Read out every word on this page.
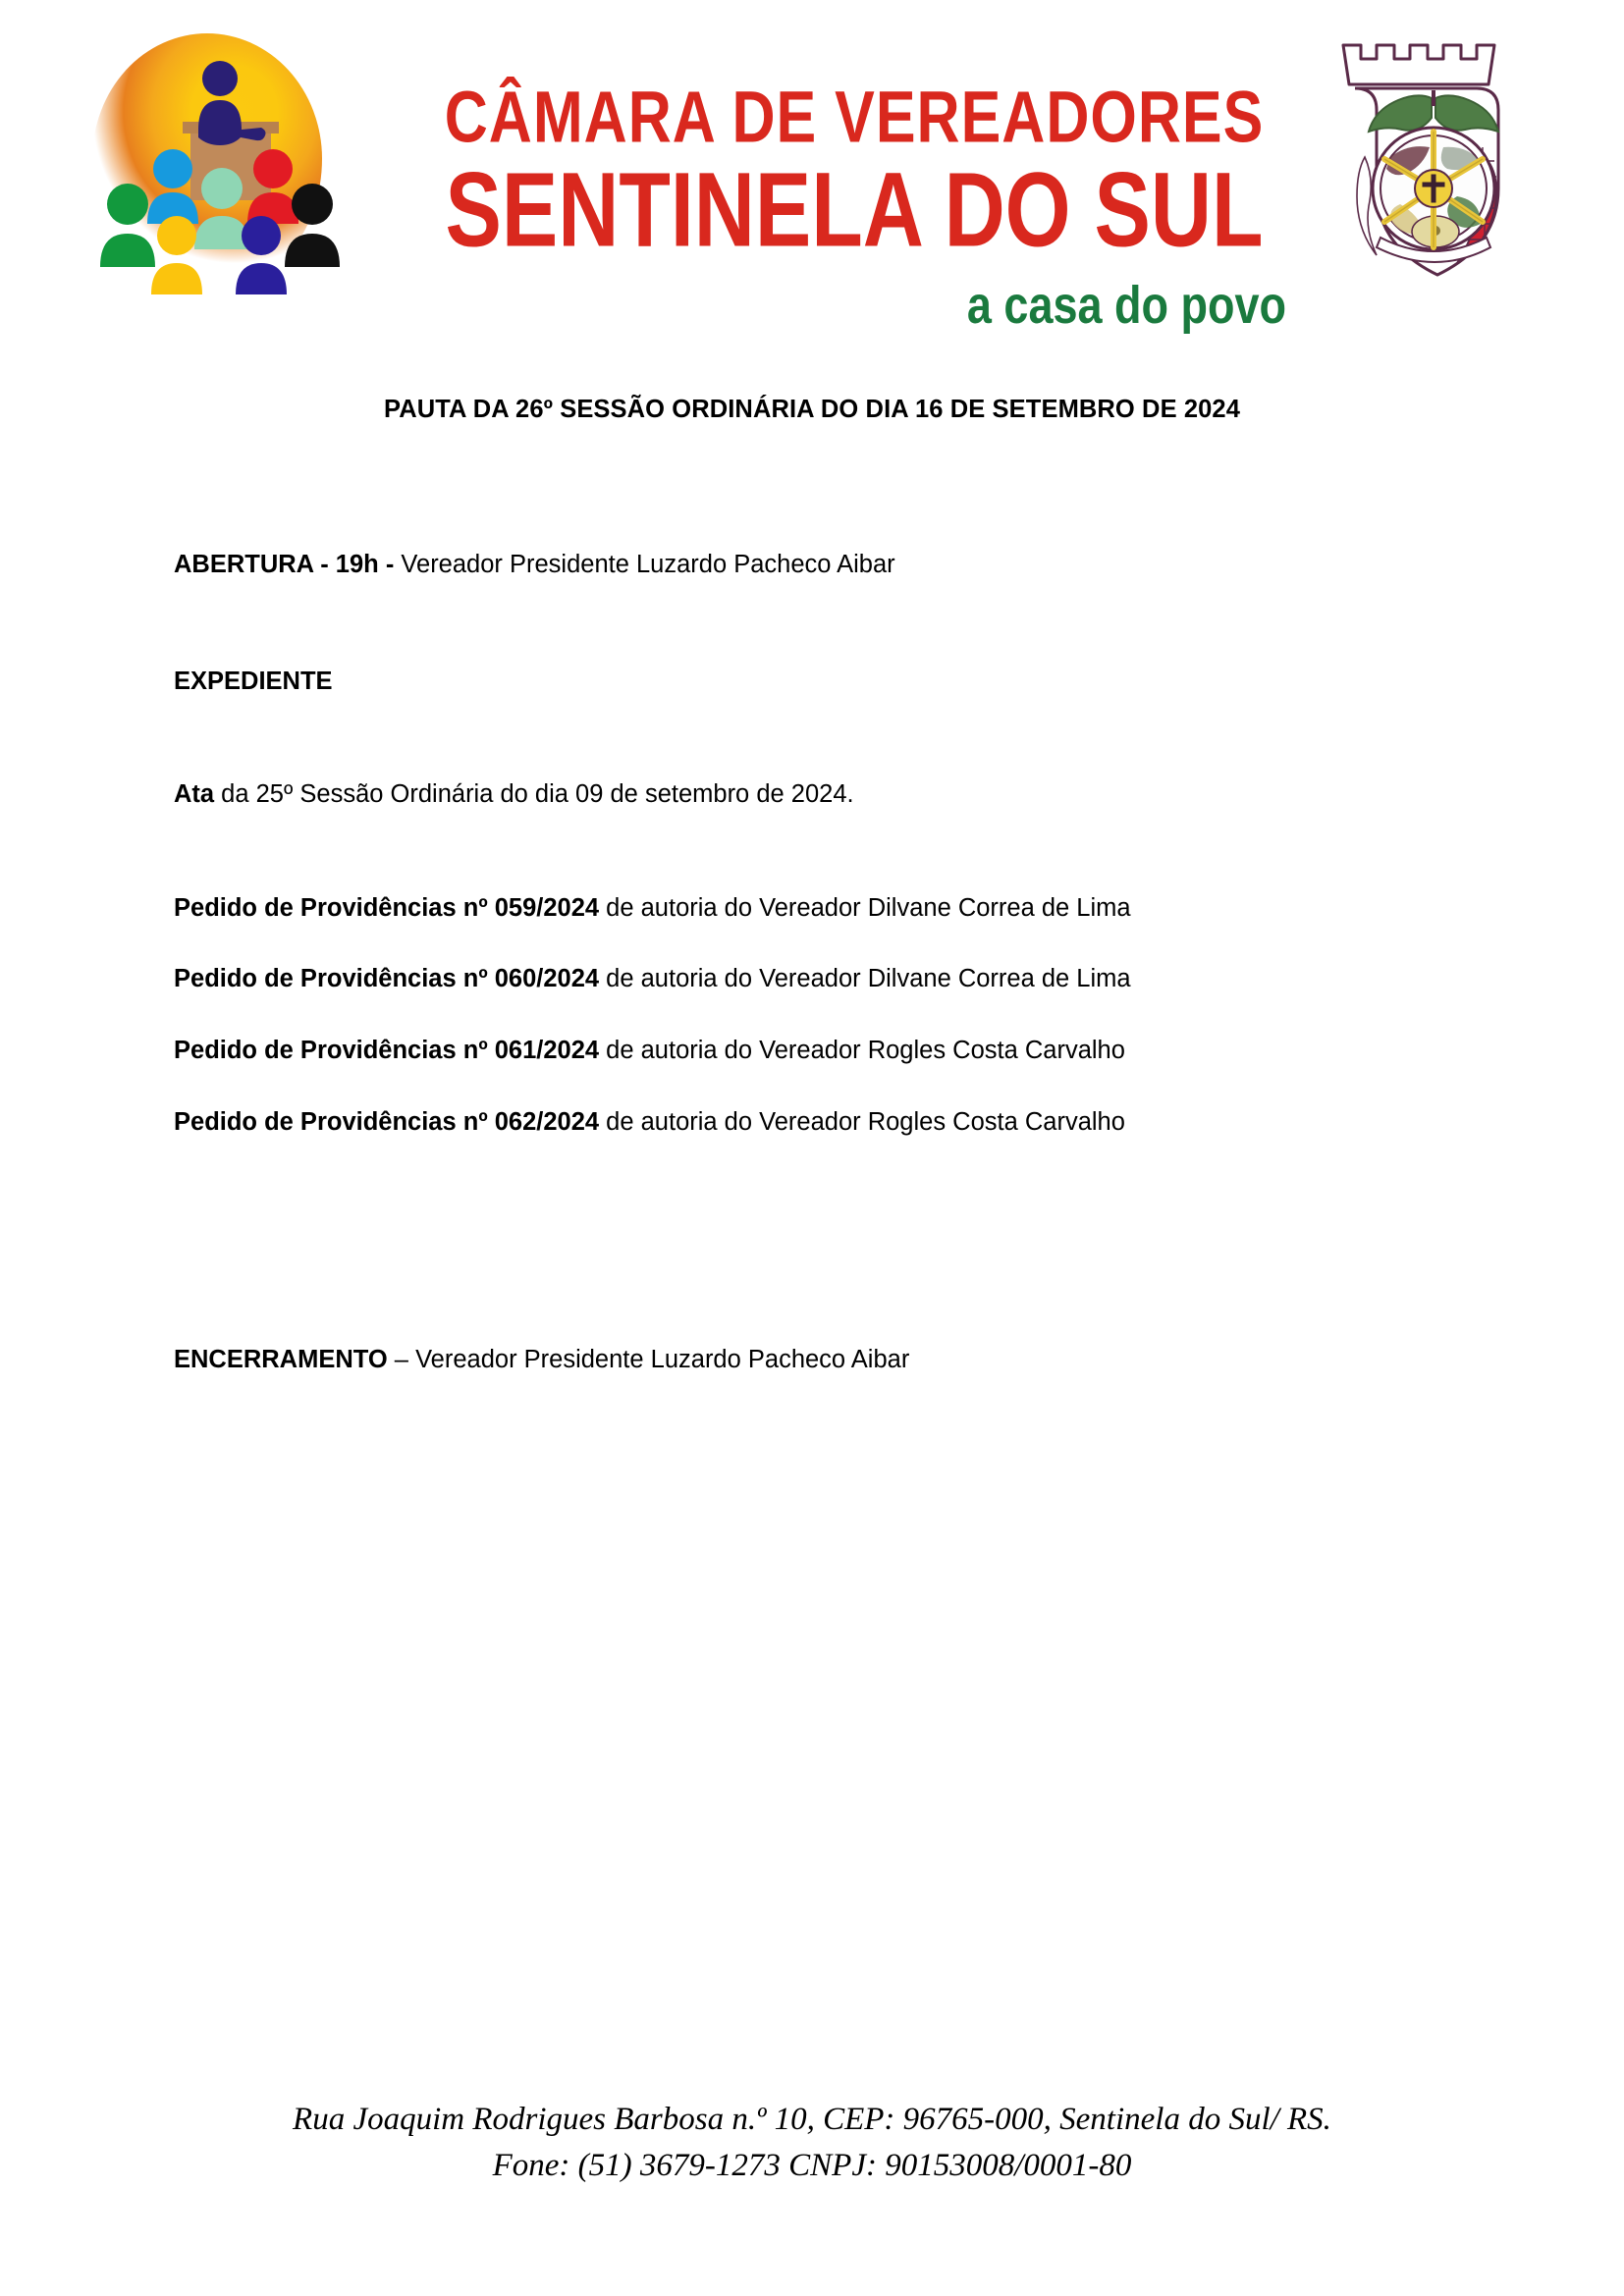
CÂMARA DE VEREADORES
SENTINELA DO SUL
a casa do povo
PAUTA DA 26º SESSÃO ORDINÁRIA DO DIA 16 DE SETEMBRO DE 2024
ABERTURA - 19h - Vereador Presidente Luzardo Pacheco Aibar
EXPEDIENTE
Ata da 25º Sessão Ordinária do dia 09 de setembro de 2024.
Pedido de Providências nº 059/2024 de autoria do Vereador Dilvane Correa de Lima
Pedido de Providências nº 060/2024 de autoria do Vereador Dilvane Correa de Lima
Pedido de Providências nº 061/2024 de autoria do Vereador Rogles Costa Carvalho
Pedido de Providências nº 062/2024 de autoria do Vereador Rogles Costa Carvalho
ENCERRAMENTO – Vereador Presidente Luzardo Pacheco Aibar
Rua Joaquim Rodrigues Barbosa n.º 10, CEP: 96765-000, Sentinela do Sul/ RS.
Fone: (51) 3679-1273 CNPJ: 90153008/0001-80
